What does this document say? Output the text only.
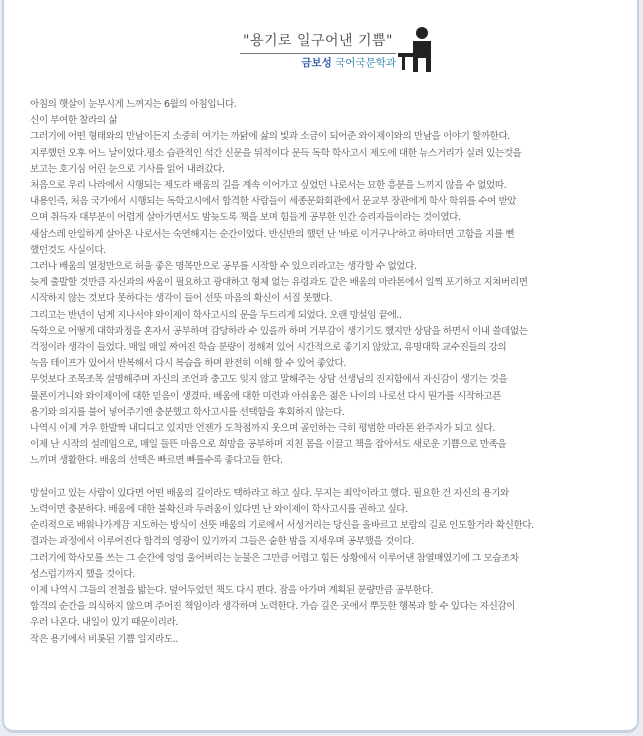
"용기로 일구어낸 기쁨"
금보성 국어국문학과
아침의 햇살이 눈부시게 느껴지는 6월의 아침입니다.
신이 부여한 찰라의 삶
그러기에 어떤 형태와의 만남이든지 소중히 여기는 까닭에 삶의 빛과 소금이 되어준 와이제이와의 만남을 이야기 할까한다.
지루했던 오후 어느 날이었다.평소 습관적인 석간 신문을 뒤적이다 문득 독학 학사고시 제도에 대한 뉴스거리가 실려 있는것을
보고는 호기심 어린 눈으로 기사를 읽어 내려갔다.
처음으로 우리 나라에서 시행되는 제도라 배움의 길을 계속 이어가고 싶었던 나로서는 묘한 흥분을 느끼지 않을 수 없었따.
내용인즉, 처음 국가에서 시행되는 독학고시에서 합격한 사람들이 세종문화회관에서 문교부 장관에게 학사 학위를 수여 받았
으며 취득자 대부분이 어렵게 살아가면서도 밤늦도록 책을 보며 힘들게 공부한 인간 승리자들이라는 것이였다.
새삼스레 안일하게 살아온 나로서는 숙연해지는 순간이었다. 반신반의 했던 난 '바로 이거구나'하고 하마터면 고함을 지를 뻔
했던것도 사실이다.
그러나 배움의 열정만으로 허울 좋은 명목만으로 공부를 시작할 수 있으리라고는 생각할 수 없었다.
늦게 출발할 것만큼 자신과의 싸움이 필요하고 광대하고 형체 없는 유령과도 같은 배움의 마라톤에서 일찍 포기하고 지쳐버리면
시작하지 않는 것보다 못하다는 생각이 들어 선뜻 마음의 확신이 서질 못했다.
그리고는 반년이 넘게 지나서야 와이제이 학사고시의 문을 두드리게 되었다. 오랜 망설임 끝에..
독학으로 어떻게 대학과정을 혼자서 공부하며 감당하라 수 있을까 하며 거부감이 생기기도 헸지만 상담을 하면서 이내 쓸데없는
걱정이라 생각이 들었다. 매일 매일 짜여진 학습 분량이 정해져 있어 시간적으로 좋기지 않았고, 유명대학 교수진들의 강의
녹음 테이프가 있어서 반복해서 다시 복습을 하며 완전히 이해 할 수 있어 좋았다.
무엇보다 조목조목 설명해주며 자신의 조언과 충고도 잊지 않고 말해주는 상담 선생님의 진지함에서 자신감이 생기는 것을
물론이거니와 와이제이에 대한 믿음이 생겼따. 배움에 대한 미련과 아쉬움은 젊은 나이의 나로선 다시 뭔가를 시작하고픈
용기와 의지를 불어 넣어주기엔 충분했고 학사고시를 선택함을 후회하지 않는다.
나역시 이제 겨우 한발짝 내디디고 있지만 언젠가 도착점까지 웃으며 골인하는 극히 평범한 마라톤 완주자가 되고 싶다.
이제 난 시작의 설레임으로, 매일 들뜬 마음으로 희망을 공부하며 지친 몸을 이끌고 책을 잡아서도 새로운 기쁨으로 만족을
느끼며 생활한다. 배움의 선택은 빠르면 빠를수록 좋다고들 한다.
망설이고 있는 사람이 있다면 어떤 배움의 길이라도 택하라고 하고 싶다. 무지는 죄악이라고 했다. 필요한 건 자신의 용기와
노력이면 충분하다. 배움에 대한 불확신과 두려움이 있다면 난 와이제이 학사고시를 권하고 싶다.
순리적으로 배워나가게끔 지도하는 방식이 선뜻 배움의 기로에서 서성거리는 당신을 올바르고 보람의 길로 인도할거라 확신한다.
결과는 과정에서 이루어진다 합격의 영광이 있기까지 그들은 숱한 밤을 지새우며 공부했을 것이다.
그러기에 학사모를 쓰는 그 순간에 엉엉 울어버리는 눈물은 그만큼 어렵고 힘든 상황에서 이루어낸 참열매였기에 그 모습조차
성스럽기까지 했을 것이다.
이제 나역시 그들의 전철을 밟는다. 덮어두었던 책도 다시 편다. 잠을 아가며 계획된 분량만큼 공부한다.
합격의 순간을 의식하지 않으며 주어진 책임이라 생각하며 노력한다. 가슴 깊은 곳에서 뿌듯한 행복과 할 수 있다는 자신감이
우러 나온다. 내일이 있기 때문이리라.
작은 용기에서 비롯된 기쁨 일지라도..
